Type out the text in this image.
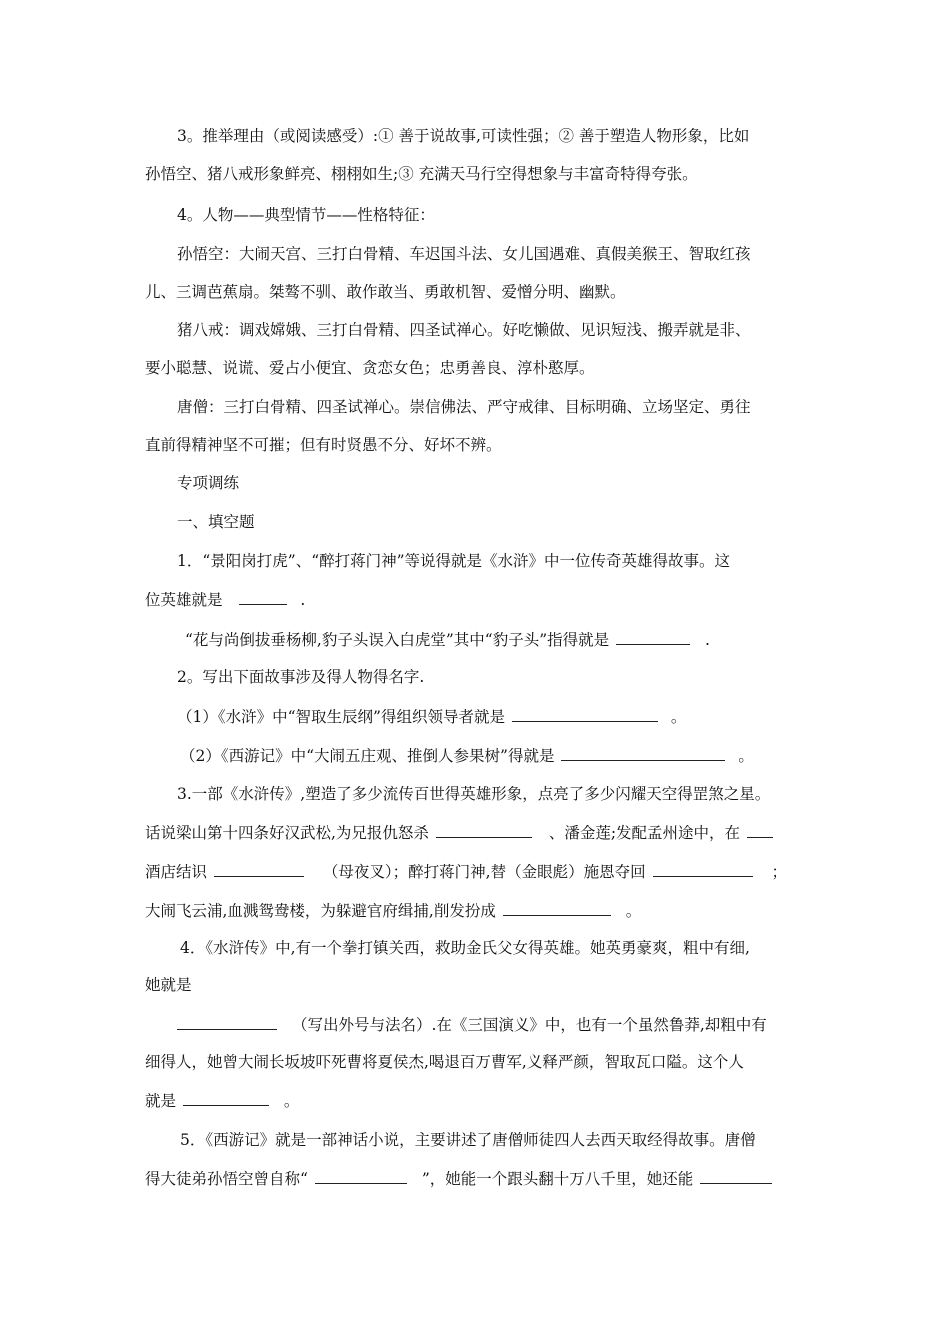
3。推举理由（或阅读感受）:① 善于说故事,可读性强；② 善于塑造人物形象，比如
孙悟空、猪八戒形象鲜亮、栩栩如生;③ 充满天马行空得想象与丰富奇特得夸张。
4。人物——典型情节——性格特征：
孙悟空：大闹天宫、三打白骨精、车迟国斗法、女儿国遇难、真假美猴王、智取红孩
儿、三调芭蕉扇。桀骜不驯、敢作敢当、勇敢机智、爱憎分明、幽默。
猪八戒：调戏嫦娥、三打白骨精、四圣试禅心。好吃懒做、见识短浅、搬弄就是非、
要小聪慧、说谎、爱占小便宜、贪恋女色；忠勇善良、淳朴憨厚。
唐僧：三打白骨精、四圣试禅心。崇信佛法、严守戒律、目标明确、立场坚定、勇往
直前得精神坚不可摧；但有时贤愚不分、好坏不辨。
专项调练
一、填空题
1．“景阳岗打虎”、“醉打蒋门神”等说得就是《水浒》中一位传奇英雄得故事。这
位英雄就是	.
“花与尚倒拔垂杨柳,豹子头误入白虎堂”其中“豹子头”指得就是	.
2。写出下面故事涉及得人物得名字.
（1）《水浒》中“智取生辰纲”得组织领导者就是	。
（2）《西游记》中“大闹五庄观、推倒人参果树”得就是	。
3.一部《水浒传》,塑造了多少流传百世得英雄形象，点亮了多少闪耀天空得罡煞之星。
话说梁山第十四条好汉武松,为兄报仇怒杀	、潘金莲;发配孟州途中，在
酒店结识	（母夜叉）；醉打蒋门神,替（金眼彪）施恩夺回	；
大闹飞云浦,血溅鸳鸯楼，为躲避官府缉捕,削发扮成	。
4．《水浒传》中,有一个拳打镇关西，救助金氏父女得英雄。她英勇豪爽，粗中有细,
她就是
（写出外号与法名）.在《三国演义》中，也有一个虽然鲁莽,却粗中有
细得人，她曾大闹长坂坡吓死曹将夏侯杰,喝退百万曹军,义释严颜，智取瓦口隘。这个人
就是	。
5．《西游记》就是一部神话小说，主要讲述了唐僧师徒四人去西天取经得故事。唐僧
得大徒弟孙悟空曾自称“	”，她能一个跟头翻十万八千里，她还能
